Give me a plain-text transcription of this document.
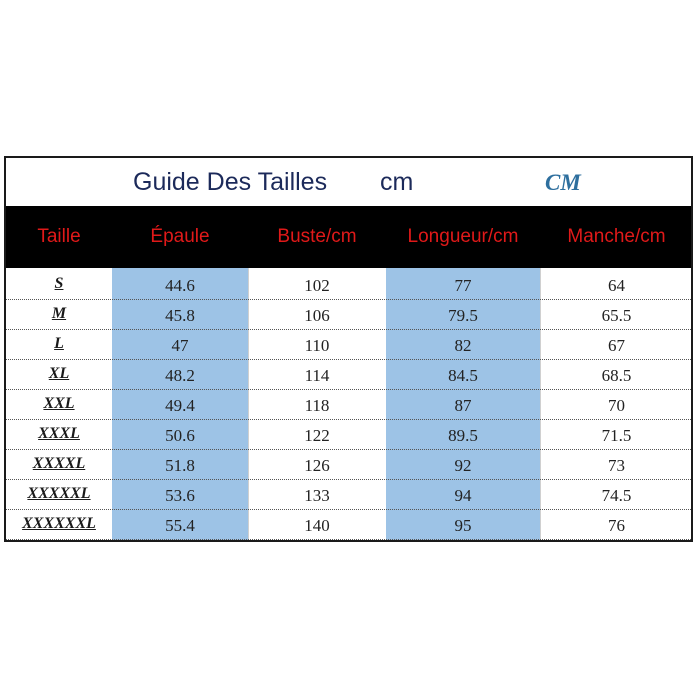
Guide Des Tailles cm	CM
Taille	Épaule	Buste/cm	Longueur/cm	Manche/cm
S	44.6	102	77	64
M	45.8	106	79.5	65.5
L	47	110	82	67
XL	48.2	114	84.5	68.5
XXL	49.4	118	87	70
XXXL	50.6	122	89.5	71.5
XXXXL	51.8	126	92	73
XXXXXL	53.6	133	94	74.5
XXXXXXL	55.4	140	95	76
